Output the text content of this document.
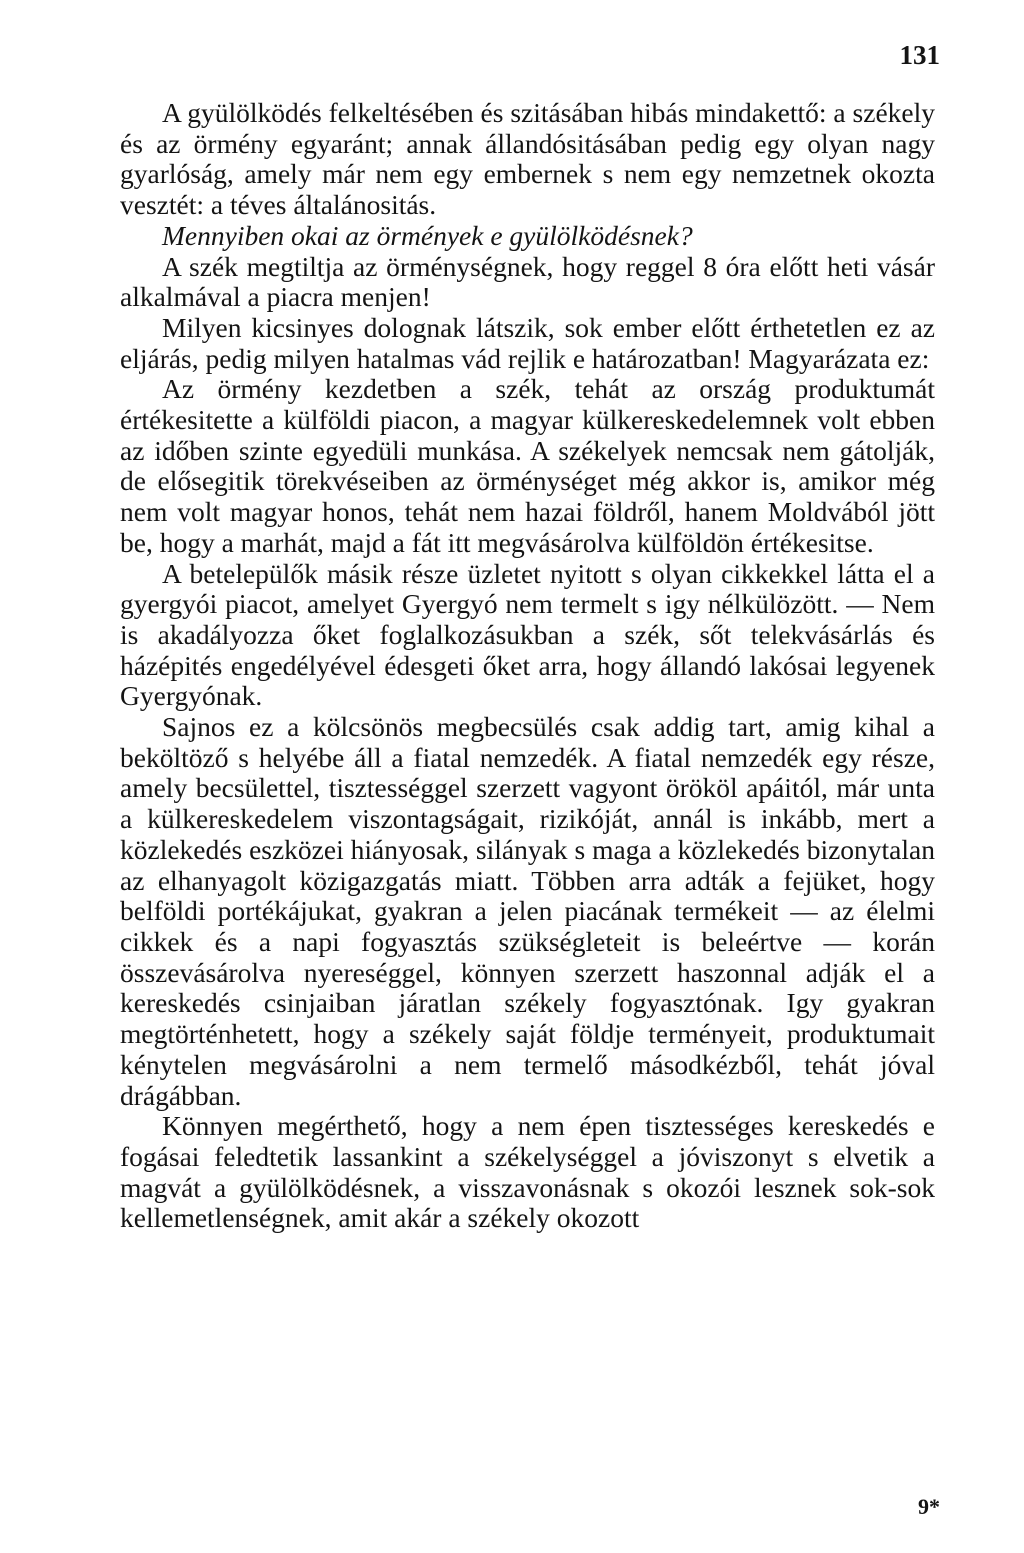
131

A gyülölködés felkeltésében és szitásában hibás mindakettő: a székely és az örmény egyaránt; annak állandósitásában pedig egy olyan nagy gyarlóság, amely már nem egy embernek s nem egy nemzetnek okozta vesztét: a téves általánositás.

Mennyiben okai az örmények e gyülölködésnek?

A szék megtiltja az örménységnek, hogy reggel 8 óra előtt heti vásár alkalmával a piacra menjen!

Milyen kicsinyes dolognak látszik, sok ember előtt érthetetlen ez az eljárás, pedig milyen hatalmas vád rejlik e határozatban! Magyarázata ez:

Az örmény kezdetben a szék, tehát az ország produktumát értékesitette a külföldi piacon, a magyar külkereskedelemnek volt ebben az időben szinte egyedüli munkása. A székelyek nemcsak nem gátolják, de elősegitik törekvéseiben az örménységet még akkor is, amikor még nem volt magyar honos, tehát nem hazai földről, hanem Moldvából jött be, hogy a marhát, majd a fát itt megvásárolva külföldön értékesitse.

A betelepülők másik része üzletet nyitott s olyan cikkekkel látta el a gyergyói piacot, amelyet Gyergyó nem termelt s igy nélkülözött. — Nem is akadályozza őket foglalkozásukban a szék, sőt telekvásárlás és házépités engedélyével édesgeti őket arra, hogy állandó lakósai legyenek Gyergyónak.

Sajnos ez a kölcsönös megbecsülés csak addig tart, amig kihal a beköltöző s helyébe áll a fiatal nemzedék. A fiatal nemzedék egy része, amely becsülettel, tisztességgel szerzett vagyont örököl apáitól, már unta a külkereskedelem viszontagságait, rizikóját, annál is inkább, mert a közlekedés eszközei hiányosak, silányak s maga a közlekedés bizonytalan az elhanyagolt közigazgatás miatt. Többen arra adták a fejüket, hogy belföldi portékájukat, gyakran a jelen piacának termékeit — az élelmi cikkek és a napi fogyasztás szükségleteit is beleértve — korán összevásárolva nyereséggel, könnyen szerzett haszonnal adják el a kereskedés csinjaiban járatlan székely fogyasztónak. Igy gyakran megtörténhetett, hogy a székely saját földje terményeit, produktumait kénytelen megvásárolni a nem termelő másodkézből, tehát jóval drágábban.

Könnyen megérthető, hogy a nem épen tisztességes kereskedés e fogásai feledtetik lassankint a székelységgel a jóviszonyt s elvetik a magvát a gyülölködésnek, a visszavonásnak s okozói lesznek sok-sok kellemetlenségnek, amit akár a székely okozott

9*
